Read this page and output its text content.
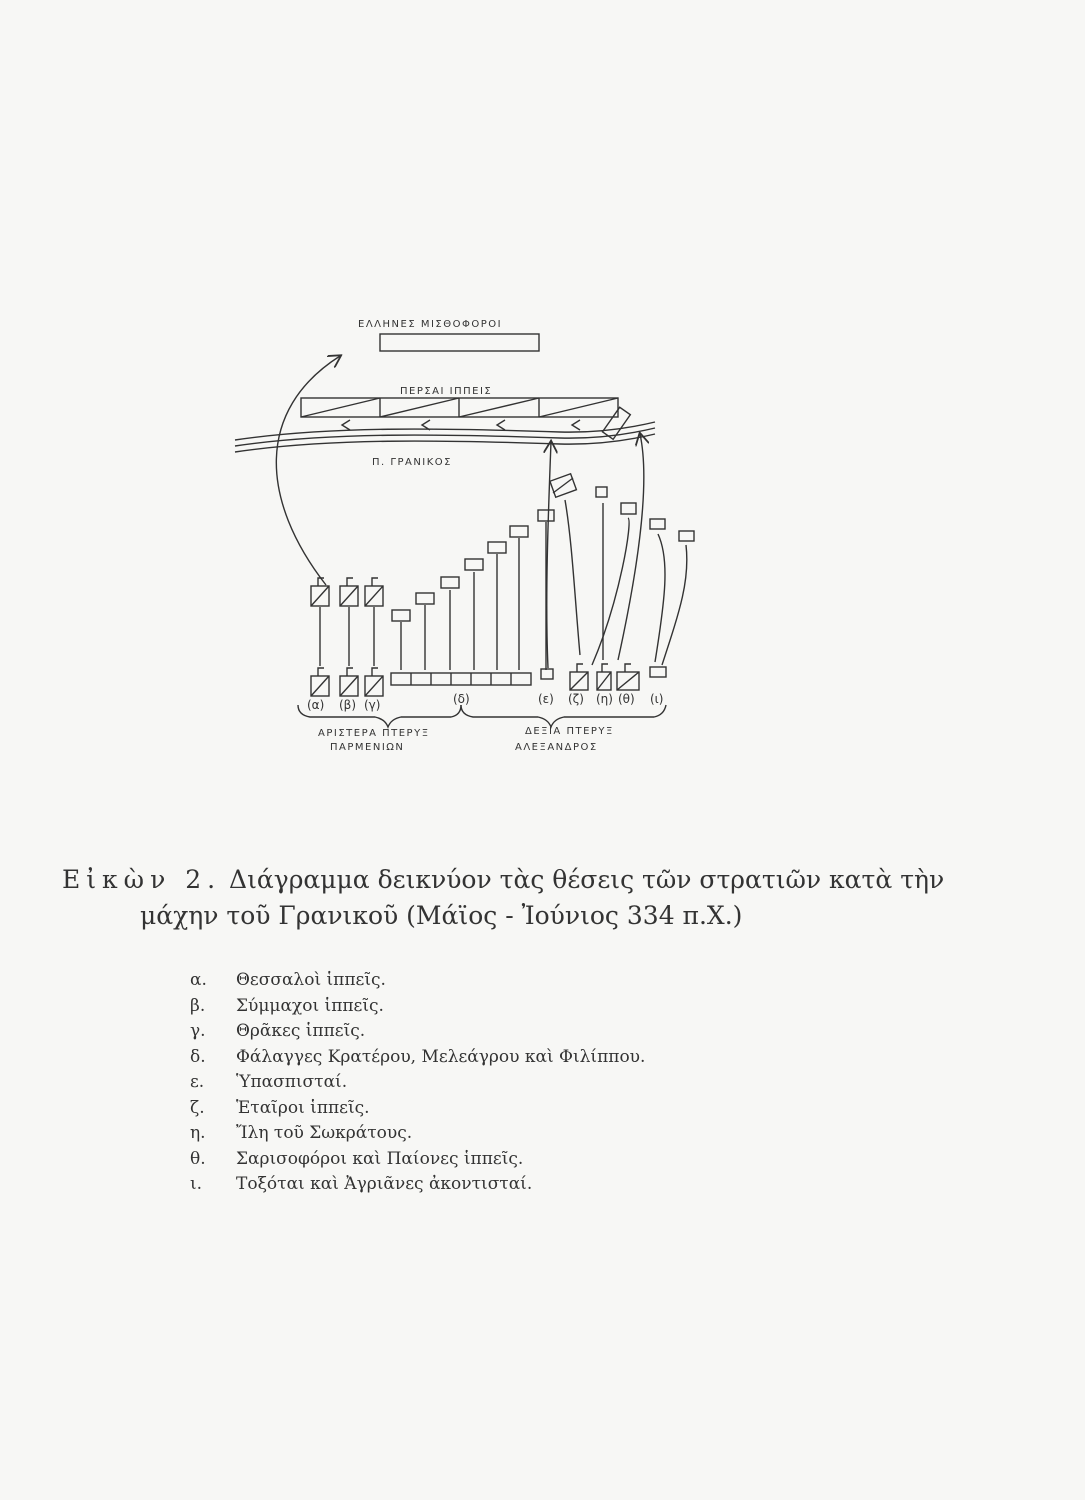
ΕΛΛΗΝΕΣ ΜΙΣΘΟΦΟΡΟΙ
ΠΕΡΣΑΙ ΙΠΠΕΙΣ
Π. ΓΡΑΝΙΚΟΣ
(α) (β) (γ)	(δ)	(ε) (ζ) (η) (θ) (ι)
ΑΡΙΣΤΕΡΑ ΠΤΕΡΥΞ
ΠΑΡΜΕΝΙΩΝ
ΔΕΞΙΑ ΠΤΕΡΥΞ
ΑΛΕΞΑΝΔΡΟΣ
Εἰκὼν 2. Διάγραμμα δεικνύον τὰς θέσεις τῶν στρατιῶν κατὰ τὴν
μάχην τοῦ Γρανικοῦ (Μάϊος - Ἰούνιος 334 π.Χ.)
α.	Θεσσαλοὶ ἱππεῖς.
β.	Σύμμαχοι ἱππεῖς.
γ.	Θρᾶκες ἱππεῖς.
δ.	Φάλαγγες Κρατέρου, Μελεάγρου καὶ Φιλίππου.
ε.	Ὑπασπισταί.
ζ.	Ἑταῖροι ἱππεῖς.
η.	Ἴλη τοῦ Σωκράτους.
θ.	Σαρισοφόροι καὶ Παίονες ἱππεῖς.
ι.	Τοξόται καὶ Ἀγριᾶνες ἀκοντισταί.
